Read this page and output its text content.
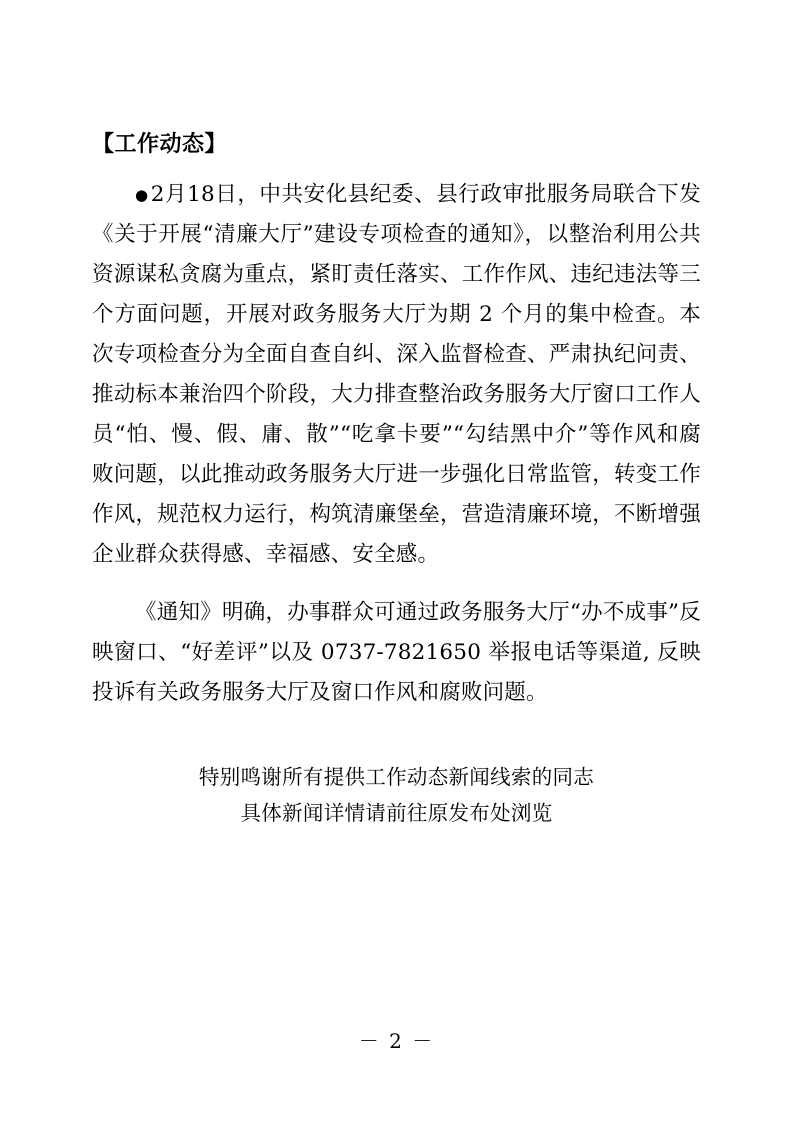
【工作动态】

●2月18日，中共安化县纪委、县行政审批服务局联合下发《关于开展“清廉大厅”建设专项检查的通知》，以整治利用公共资源谋私贪腐为重点，紧盯责任落实、工作作风、违纪违法等三个方面问题，开展对政务服务大厅为期 2 个月的集中检查。本次专项检查分为全面自查自纠、深入监督检查、严肃执纪问责、推动标本兼治四个阶段，大力排查整治政务服务大厅窗口工作人员“怕、慢、假、庸、散”“吃拿卡要”“勾结黑中介”等作风和腐败问题，以此推动政务服务大厅进一步强化日常监管，转变工作作风，规范权力运行，构筑清廉堡垒，营造清廉环境，不断增强企业群众获得感、幸福感、安全感。

《通知》明确，办事群众可通过政务服务大厅“办不成事”反映窗口、“好差评”以及 0737-7821650 举报电话等渠道, 反映投诉有关政务服务大厅及窗口作风和腐败问题。

特别鸣谢所有提供工作动态新闻线索的同志
具体新闻详情请前往原发布处浏览
－ 2 －
